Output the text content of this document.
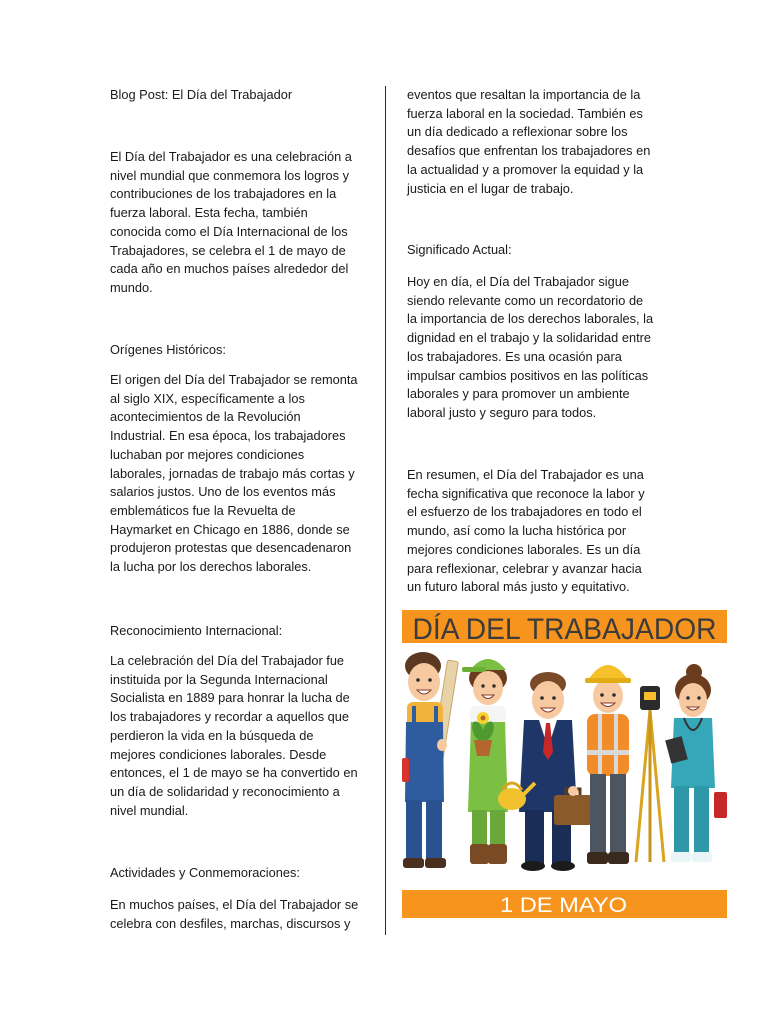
Blog Post: El Día del Trabajador
El Día del Trabajador es una celebración a
nivel mundial que conmemora los logros y
contribuciones de los trabajadores en la
fuerza laboral. Esta fecha, también
conocida como el Día Internacional de los
Trabajadores, se celebra el 1 de mayo de
cada año en muchos países alrededor del
mundo.
Orígenes Históricos:
El origen del Día del Trabajador se remonta
al siglo XIX, específicamente a los
acontecimientos de la Revolución
Industrial. En esa época, los trabajadores
luchaban por mejores condiciones
laborales, jornadas de trabajo más cortas y
salarios justos. Uno de los eventos más
emblemáticos fue la Revuelta de
Haymarket en Chicago en 1886, donde se
produjeron protestas que desencadenaron
la lucha por los derechos laborales.
Reconocimiento Internacional:
La celebración del Día del Trabajador fue
instituida por la Segunda Internacional
Socialista en 1889 para honrar la lucha de
los trabajadores y recordar a aquellos que
perdieron la vida en la búsqueda de
mejores condiciones laborales. Desde
entonces, el 1 de mayo se ha convertido en
un día de solidaridad y reconocimiento a
nivel mundial.
Actividades y Conmemoraciones:
En muchos países, el Día del Trabajador se
celebra con desfiles, marchas, discursos y
eventos que resaltan la importancia de la
fuerza laboral en la sociedad. También es
un día dedicado a reflexionar sobre los
desafíos que enfrentan los trabajadores en
la actualidad y a promover la equidad y la
justicia en el lugar de trabajo.
Significado Actual:
Hoy en día, el Día del Trabajador sigue
siendo relevante como un recordatorio de
la importancia de los derechos laborales, la
dignidad en el trabajo y la solidaridad entre
los trabajadores. Es una ocasión para
impulsar cambios positivos en las políticas
laborales y para promover un ambiente
laboral justo y seguro para todos.
En resumen, el Día del Trabajador es una
fecha significativa que reconoce la labor y
el esfuerzo de los trabajadores en todo el
mundo, así como la lucha histórica por
mejores condiciones laborales. Es un día
para reflexionar, celebrar y avanzar hacia
un futuro laboral más justo y equitativo.
DÍA DEL TRABAJADOR
1 DE MAYO
